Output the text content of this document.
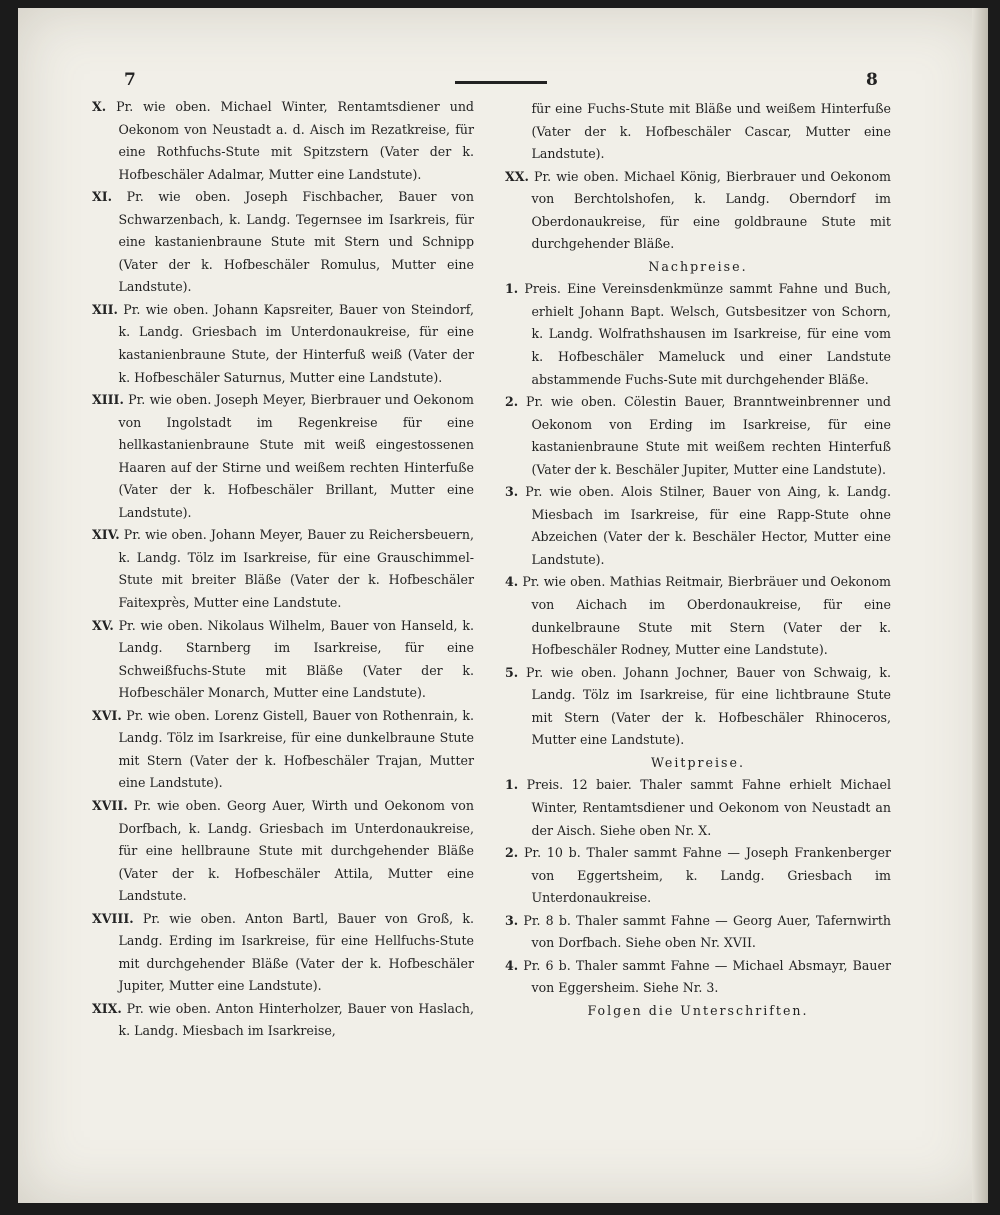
7	8

X. Pr. wie oben. Michael Winter, Rentamtsdiener und Oekonom von Neustadt a. d. Aisch im Rezatkreise, für eine Rothfuchs-Stute mit Spitzstern (Vater der k. Hofbeschäler Adalmar, Mutter eine Landstute).

XI. Pr. wie oben. Joseph Fischbacher, Bauer von Schwarzenbach, k. Landg. Tegernsee im Isarkreis, für eine kastanienbraune Stute mit Stern und Schnipp (Vater der k. Hofbeschäler Romulus, Mutter eine Landstute).

XII. Pr. wie oben. Johann Kapsreiter, Bauer von Steindorf, k. Landg. Griesbach im Unterdonaukreise, für eine kastanienbraune Stute, der Hinterfuß weiß (Vater der k. Hofbeschäler Saturnus, Mutter eine Landstute).

XIII. Pr. wie oben. Joseph Meyer, Bierbrauer und Oekonom von Ingolstadt im Regenkreise für eine hellkastanienbraune Stute mit weiß eingestossenen Haaren auf der Stirne und weißem rechten Hinterfuße (Vater der k. Hofbeschäler Brillant, Mutter eine Landstute).

XIV. Pr. wie oben. Johann Meyer, Bauer zu Reichersbeuern, k. Landg. Tölz im Isarkreise, für eine Grauschimmel-Stute mit breiter Bläße (Vater der k. Hofbeschäler Faitexprès, Mutter eine Landstute.

XV. Pr. wie oben. Nikolaus Wilhelm, Bauer von Hanseld, k. Landg. Starnberg im Isarkreise, für eine Schweißfuchs-Stute mit Bläße (Vater der k. Hofbeschäler Monarch, Mutter eine Landstute).

XVI. Pr. wie oben. Lorenz Gistell, Bauer von Rothenrain, k. Landg. Tölz im Isarkreise, für eine dunkelbraune Stute mit Stern (Vater der k. Hofbeschäler Trajan, Mutter eine Landstute).

XVII. Pr. wie oben. Georg Auer, Wirth und Oekonom von Dorfbach, k. Landg. Griesbach im Unterdonaukreise, für eine hellbraune Stute mit durchgehender Bläße (Vater der k. Hofbeschäler Attila, Mutter eine Landstute.

XVIII. Pr. wie oben. Anton Bartl, Bauer von Groß, k. Landg. Erding im Isarkreise, für eine Hellfuchs-Stute mit durchgehender Bläße (Vater der k. Hofbeschäler Jupiter, Mutter eine Landstute).

XIX. Pr. wie oben. Anton Hinterholzer, Bauer von Haslach, k. Landg. Miesbach im Isarkreise,

für eine Fuchs-Stute mit Bläße und weißem Hinterfuße (Vater der k. Hofbeschäler Cascar, Mutter eine Landstute).

XX. Pr. wie oben. Michael König, Bierbrauer und Oekonom von Berchtolshofen, k. Landg. Oberndorf im Oberdonaukreise, für eine goldbraune Stute mit durchgehender Bläße.

Nachpreise.

1. Preis. Eine Vereinsdenkmünze sammt Fahne und Buch, erhielt Johann Bapt. Welsch, Gutsbesitzer von Schorn, k. Landg. Wolfrathshausen im Isarkreise, für eine vom k. Hofbeschäler Mameluck und einer Landstute abstammende Fuchs-Sute mit durchgehender Bläße.

2. Pr. wie oben. Cölestin Bauer, Branntweinbrenner und Oekonom von Erding im Isarkreise, für eine kastanienbraune Stute mit weißem rechten Hinterfuß (Vater der k. Beschäler Jupiter, Mutter eine Landstute).

3. Pr. wie oben. Alois Stilner, Bauer von Aing, k. Landg. Miesbach im Isarkreise, für eine Rapp-Stute ohne Abzeichen (Vater der k. Beschäler Hector, Mutter eine Landstute).

4. Pr. wie oben. Mathias Reitmair, Bierbräuer und Oekonom von Aichach im Oberdonaukreise, für eine dunkelbraune Stute mit Stern (Vater der k. Hofbeschäler Rodney, Mutter eine Landstute).

5. Pr. wie oben. Johann Jochner, Bauer von Schwaig, k. Landg. Tölz im Isarkreise, für eine lichtbraune Stute mit Stern (Vater der k. Hofbeschäler Rhinoceros, Mutter eine Landstute).

Weitpreise.

1. Preis. 12 baier. Thaler sammt Fahne erhielt Michael Winter, Rentamtsdiener und Oekonom von Neustadt an der Aisch. Siehe oben Nr. X.

2. Pr. 10 b. Thaler sammt Fahne — Joseph Frankenberger von Eggertsheim, k. Landg. Griesbach im Unterdonaukreise.

3. Pr. 8 b. Thaler sammt Fahne — Georg Auer, Tafernwirth von Dorfbach. Siehe oben Nr. XVII.

4. Pr. 6 b. Thaler sammt Fahne — Michael Absmayr, Bauer von Eggersheim. Siehe Nr. 3.

Folgen die Unterschriften.
